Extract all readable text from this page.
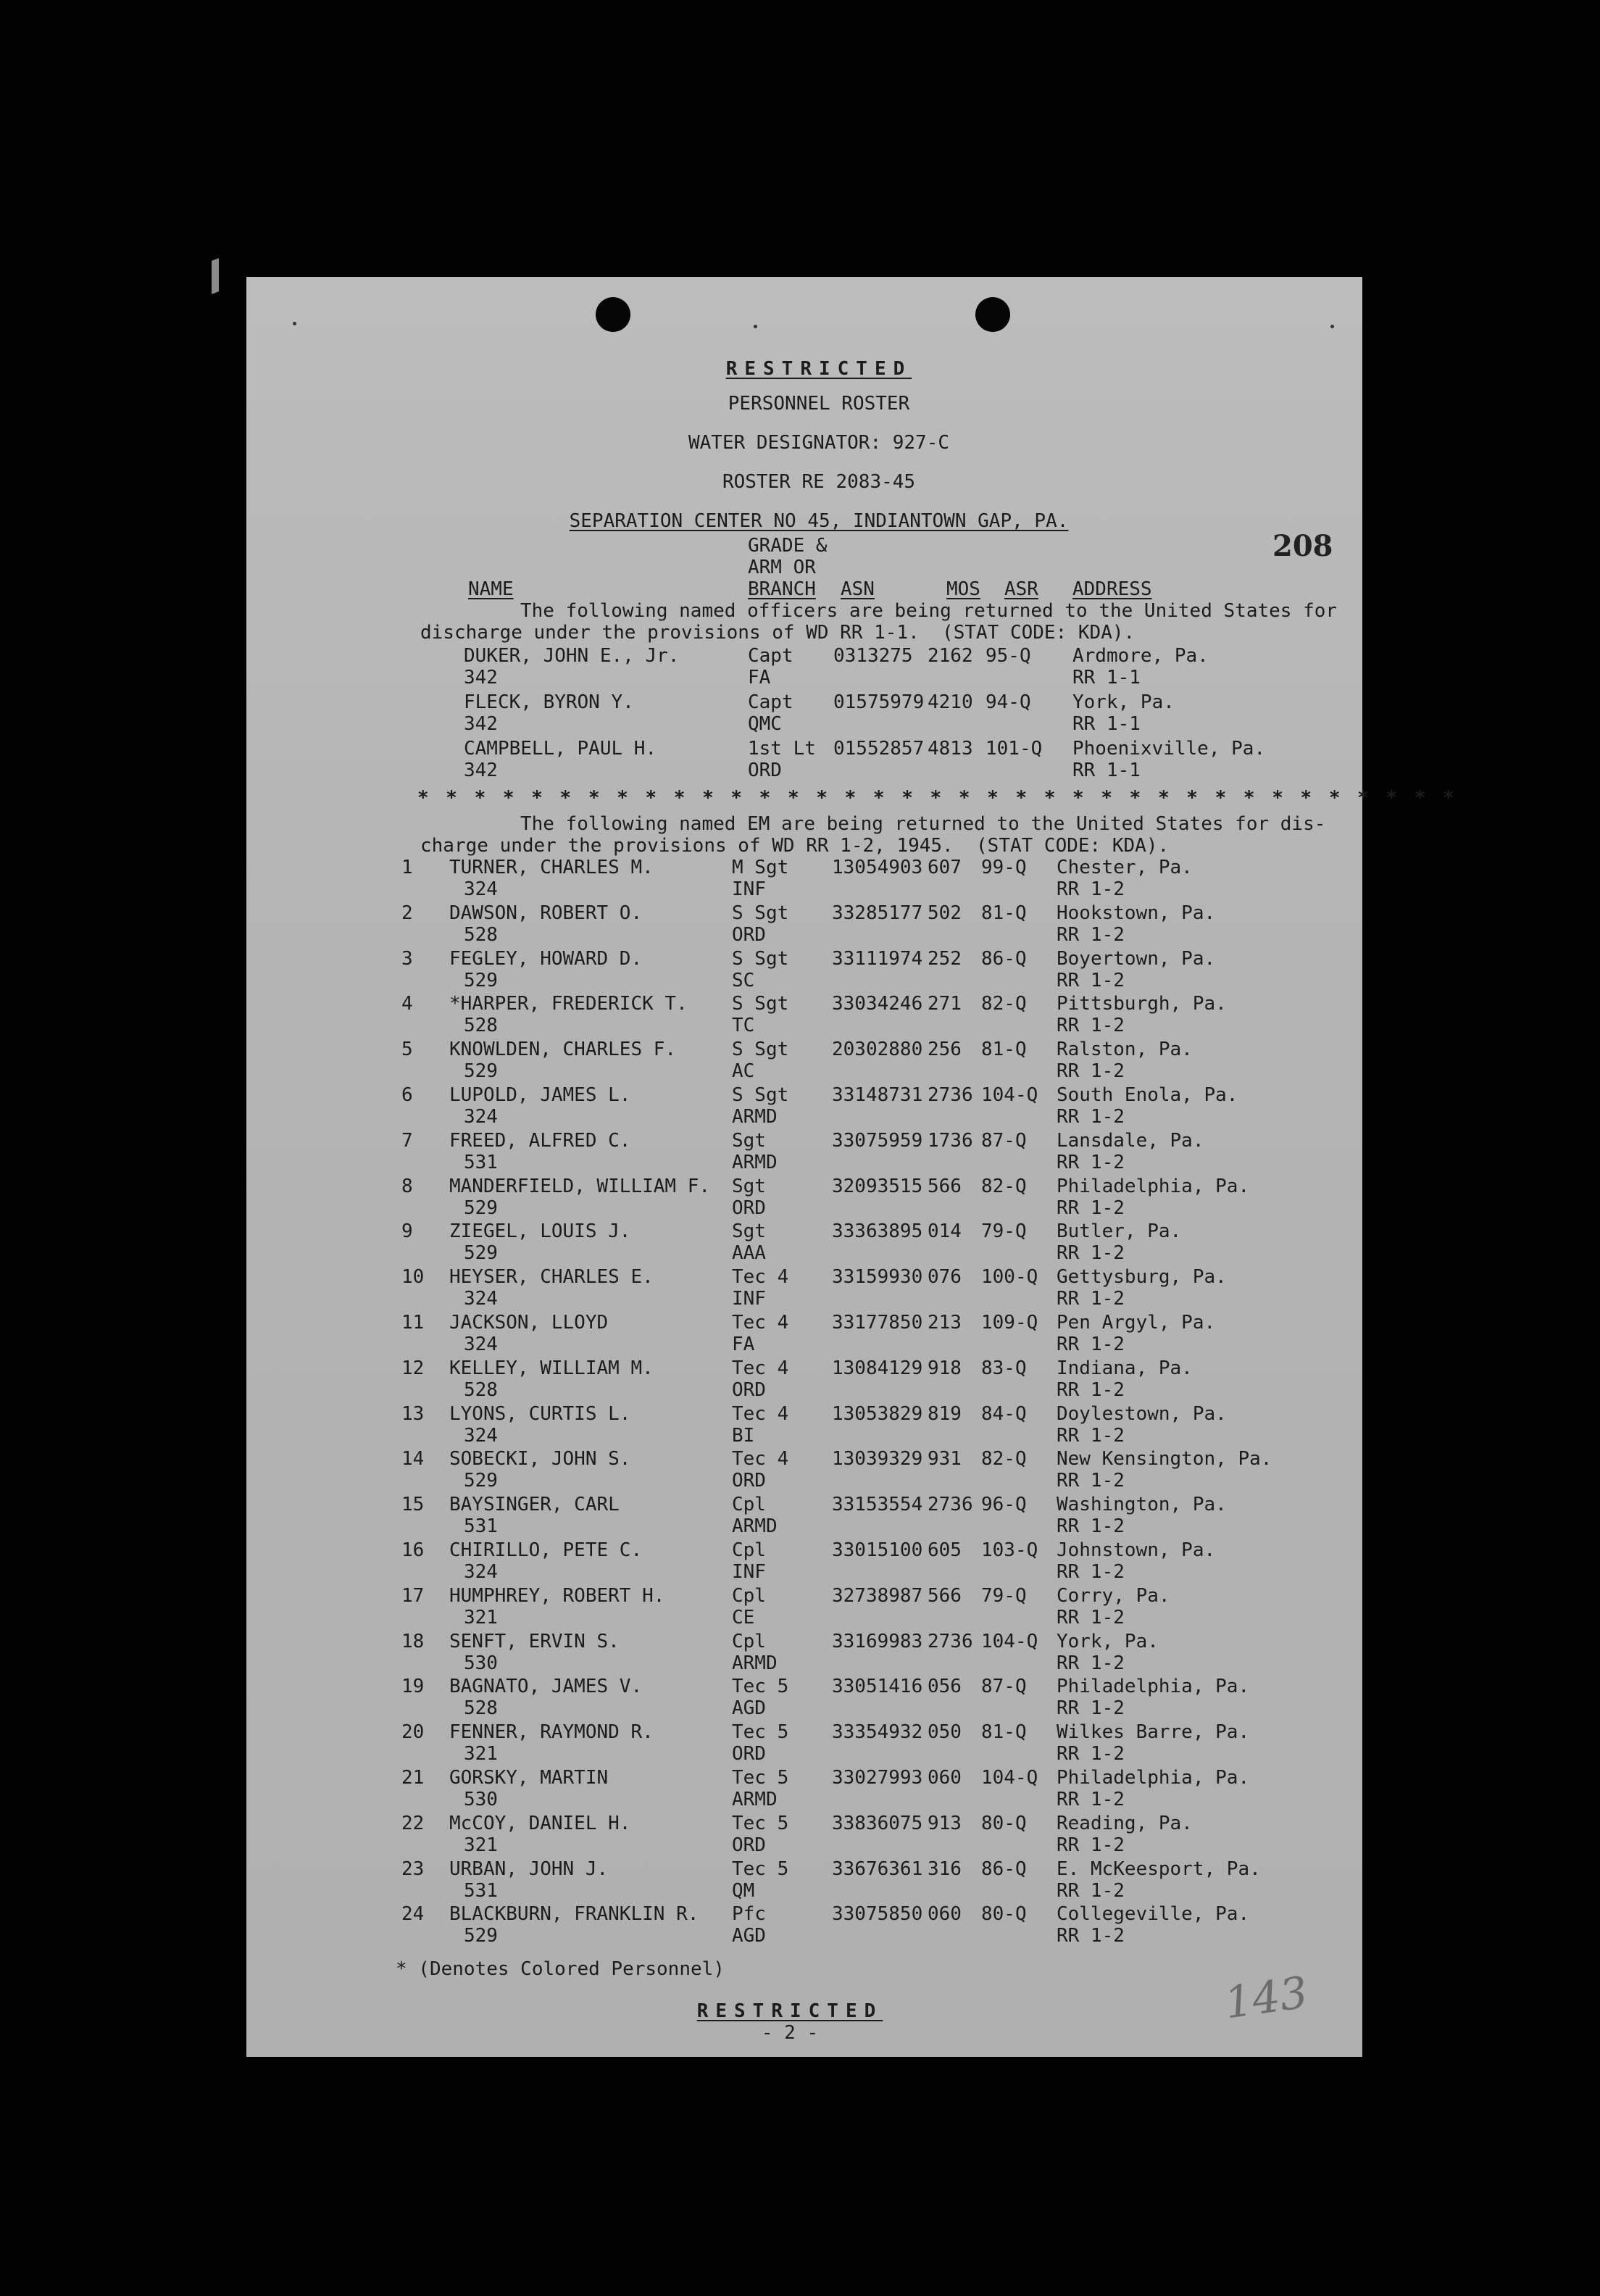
RESTRICTED
PERSONNEL ROSTER
WATER DESIGNATOR: 927-C
ROSTER RE 2083-45
SEPARATION CENTER NO 45, INDIANTOWN GAP, PA.
208
GRADE &
ARM OR
BRANCH
NAME	ASN	MOS ASR ADDRESS
The following named officers are being returned to the United States for
discharge under the provisions of WD RR 1-1.  (STAT CODE: KDA).
DUKER, JOHN E., Jr.
342
Capt
FA
0313275 2162 95-Q Ardmore, Pa.
RR 1-1
FLECK, BYRON Y.
342
Capt
QMC
01575979 4210 94-Q York, Pa.
RR 1-1
CAMPBELL, PAUL H.
342
1st Lt
ORD
01552857 4813 101-Q Phoenixville, Pa.
RR 1-1
* * * * * * * * * * * * * * * * * * * * * * * * * * * * * * * * * * * * *
The following named EM are being returned to the United States for dis-
charge under the provisions of WD RR 1-2, 1945.  (STAT CODE: KDA).
1 TURNER, CHARLES M.
324
M Sgt
INF
13054903 607 99-Q Chester, Pa.
RR 1-2
2 DAWSON, ROBERT O.
528
S Sgt
ORD
33285177 502 81-Q Hookstown, Pa.
RR 1-2
3 FEGLEY, HOWARD D.
529
S Sgt
SC
33111974 252 86-Q Boyertown, Pa.
RR 1-2
4 *HARPER, FREDERICK T.
528
S Sgt
TC
33034246 271 82-Q Pittsburgh, Pa.
RR 1-2
5 KNOWLDEN, CHARLES F.
529
S Sgt
AC
20302880 256 81-Q Ralston, Pa.
RR 1-2
6 LUPOLD, JAMES L.
324
S Sgt
ARMD
33148731 2736 104-Q South Enola, Pa.
RR 1-2
7 FREED, ALFRED C.
531
Sgt
ARMD
33075959 1736 87-Q Lansdale, Pa.
RR 1-2
8 MANDERFIELD, WILLIAM F.
529
Sgt
ORD
32093515 566 82-Q Philadelphia, Pa.
RR 1-2
9 ZIEGEL, LOUIS J.
529
Sgt
AAA
33363895 014 79-Q Butler, Pa.
RR 1-2
10 HEYSER, CHARLES E.
324
Tec 4
INF
33159930 076 100-Q Gettysburg, Pa.
RR 1-2
11 JACKSON, LLOYD
324
Tec 4
FA
33177850 213 109-Q Pen Argyl, Pa.
RR 1-2
12 KELLEY, WILLIAM M.
528
Tec 4
ORD
13084129 918 83-Q Indiana, Pa.
RR 1-2
13 LYONS, CURTIS L.
324
Tec 4
BI
13053829 819 84-Q Doylestown, Pa.
RR 1-2
14 SOBECKI, JOHN S.
529
Tec 4
ORD
13039329 931 82-Q New Kensington, Pa.
RR 1-2
15 BAYSINGER, CARL
531
Cpl
ARMD
33153554 2736 96-Q Washington, Pa.
RR 1-2
16 CHIRILLO, PETE C.
324
Cpl
INF
33015100 605 103-Q Johnstown, Pa.
RR 1-2
17 HUMPHREY, ROBERT H.
321
Cpl
CE
32738987 566 79-Q Corry, Pa.
RR 1-2
18 SENFT, ERVIN S.
530
Cpl
ARMD
33169983 2736 104-Q York, Pa.
RR 1-2
19 BAGNATO, JAMES V.
528
Tec 5
AGD
33051416 056 87-Q Philadelphia, Pa.
RR 1-2
20 FENNER, RAYMOND R.
321
Tec 5
ORD
33354932 050 81-Q Wilkes Barre, Pa.
RR 1-2
21 GORSKY, MARTIN
530
Tec 5
ARMD
33027993 060 104-Q Philadelphia, Pa.
RR 1-2
22 McCOY, DANIEL H.
321
Tec 5
ORD
33836075 913 80-Q Reading, Pa.
RR 1-2
23 URBAN, JOHN J.
531
Tec 5
QM
33676361 316 86-Q E. McKeesport, Pa.
RR 1-2
24 BLACKBURN, FRANKLIN R.
529
Pfc
AGD
33075850 060 80-Q Collegeville, Pa.
RR 1-2
* (Denotes Colored Personnel)
RESTRICTED
- 2 -
143
